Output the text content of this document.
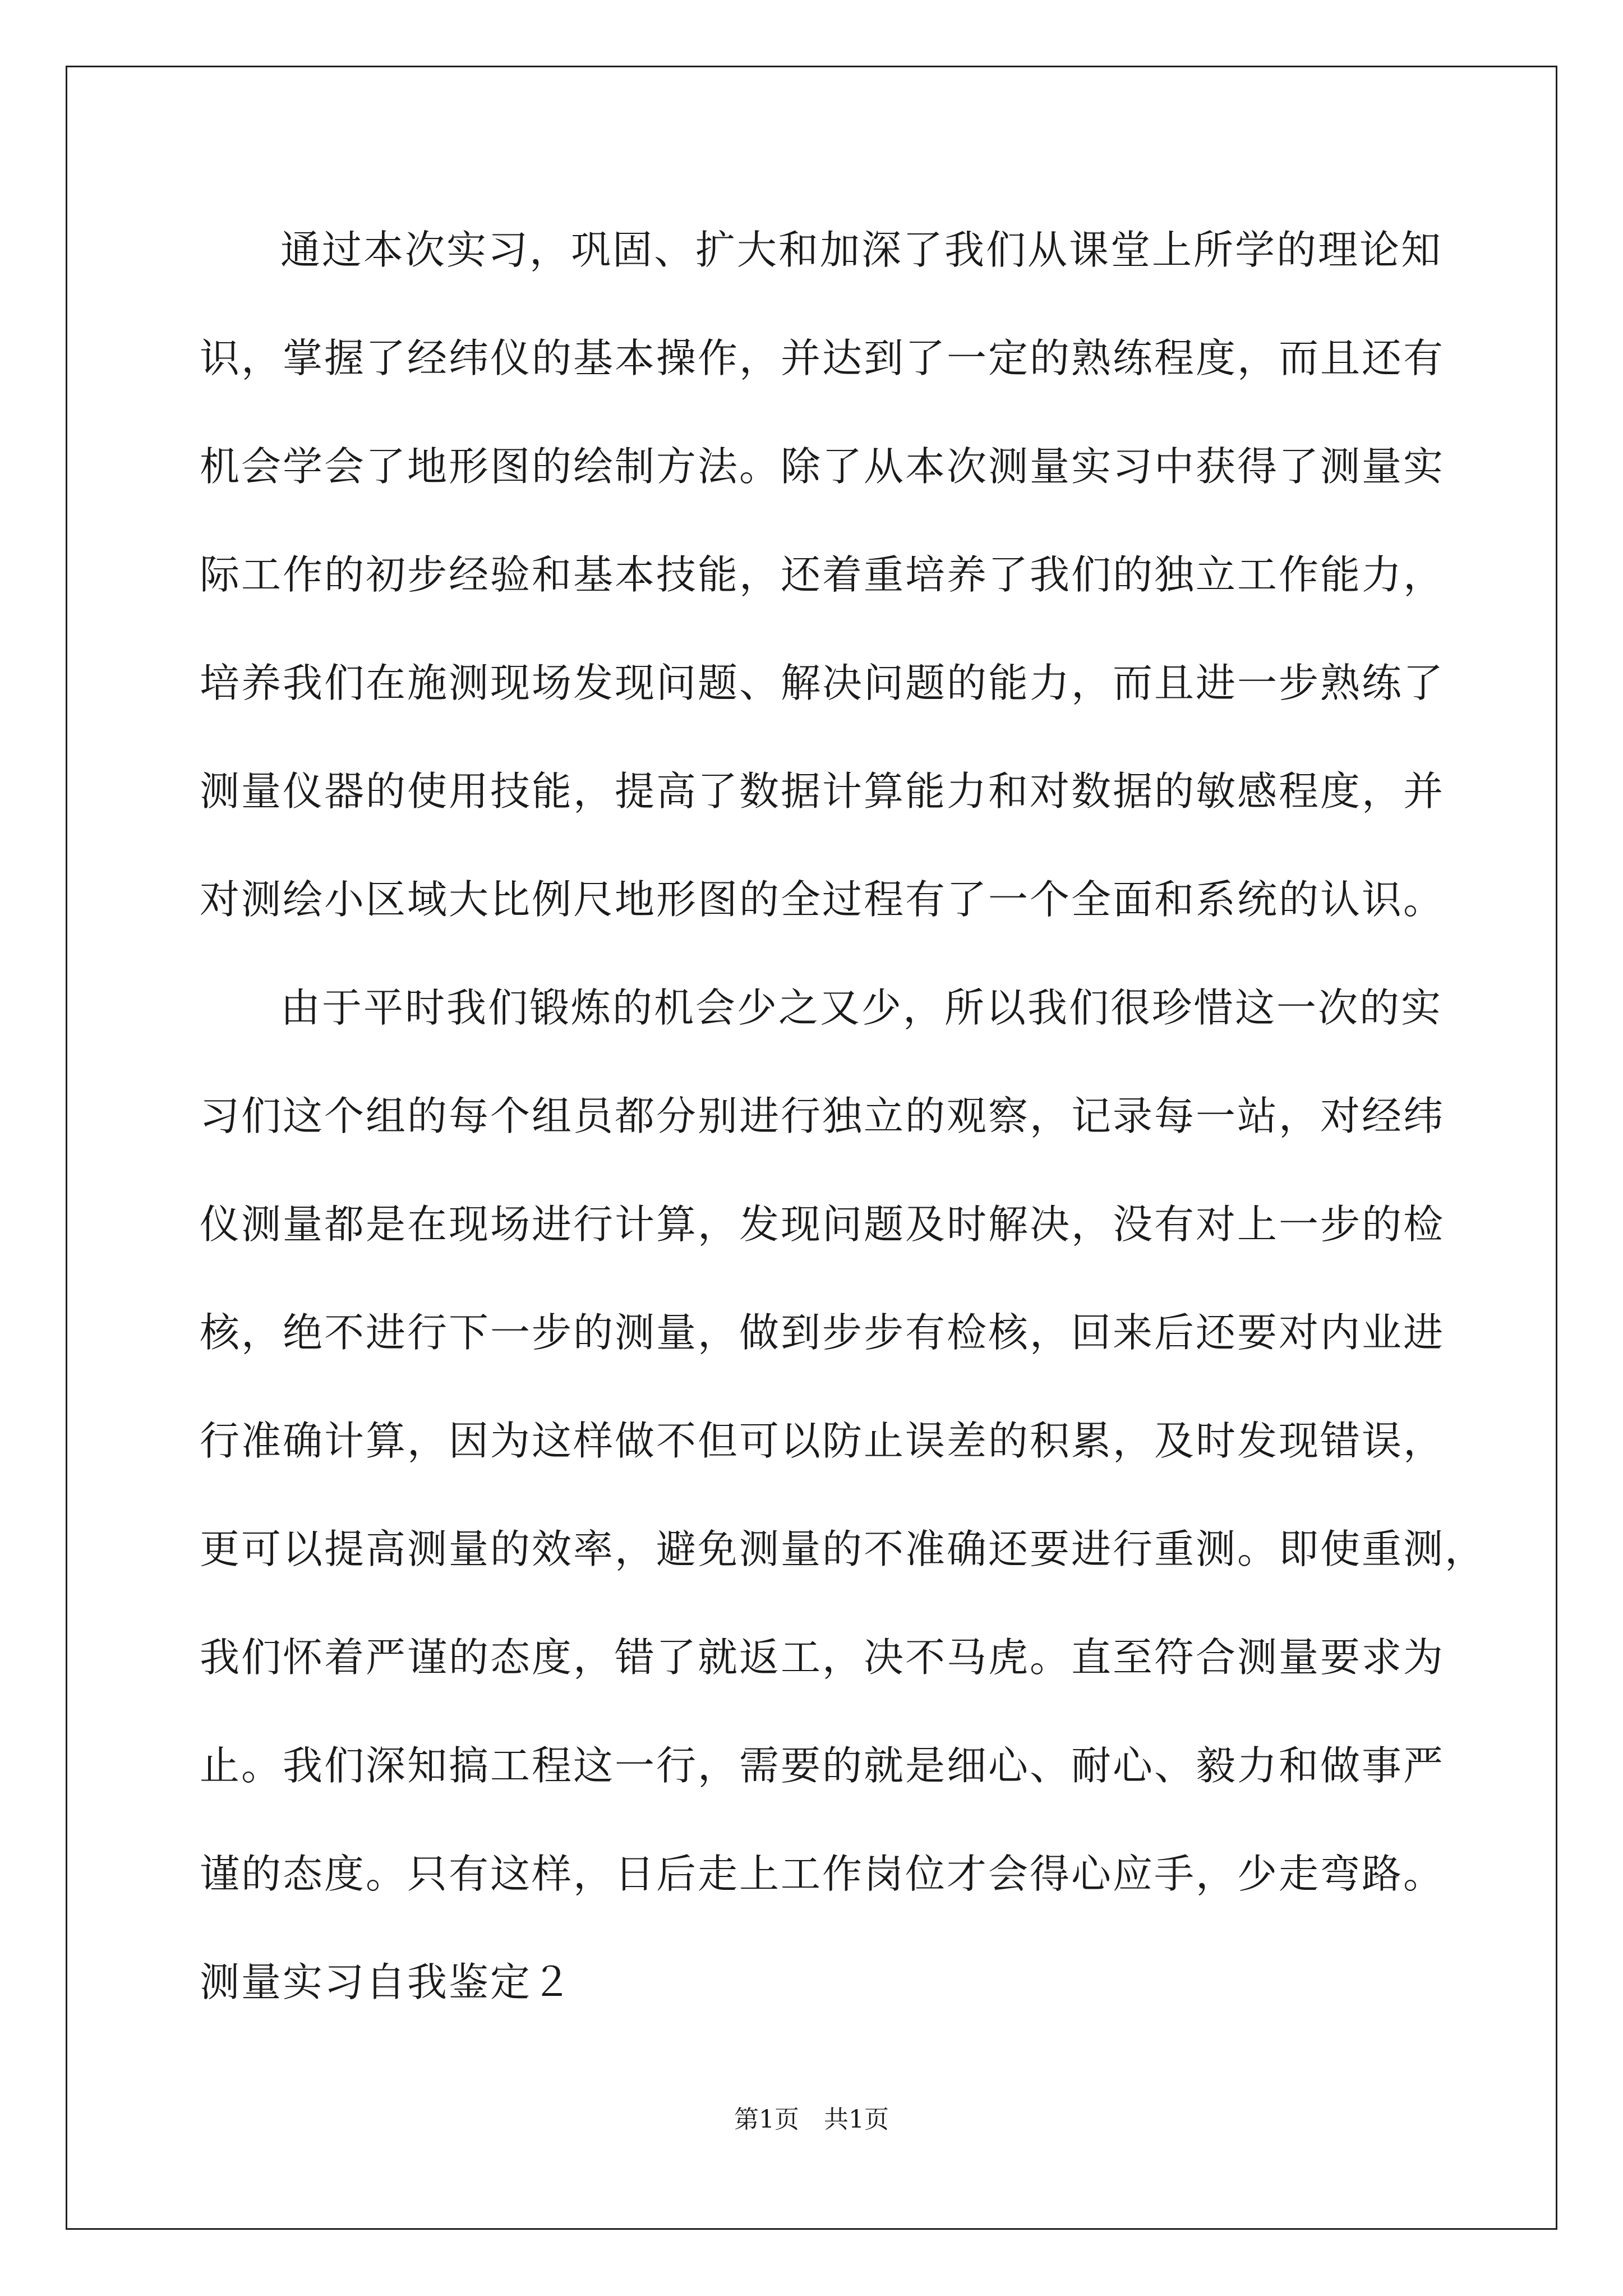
通过本次实习，巩固、扩大和加深了我们从课堂上所学的理论知
识，掌握了经纬仪的基本操作，并达到了一定的熟练程度，而且还有
机会学会了地形图的绘制方法。除了从本次测量实习中获得了测量实
际工作的初步经验和基本技能，还着重培养了我们的独立工作能力，
培养我们在施测现场发现问题、解决问题的能力，而且进一步熟练了
测量仪器的使用技能，提高了数据计算能力和对数据的敏感程度，并
对测绘小区域大比例尺地形图的全过程有了一个全面和系统的认识。
由于平时我们锻炼的机会少之又少，所以我们很珍惜这一次的实
习们这个组的每个组员都分别进行独立的观察，记录每一站，对经纬
仪测量都是在现场进行计算，发现问题及时解决，没有对上一步的检
核，绝不进行下一步的测量，做到步步有检核，回来后还要对内业进
行准确计算，因为这样做不但可以防止误差的积累，及时发现错误，
更可以提高测量的效率，避免测量的不准确还要进行重测。即使重测，
我们怀着严谨的态度，错了就返工，决不马虎。直至符合测量要求为
止。我们深知搞工程这一行，需要的就是细心、耐心、毅力和做事严
谨的态度。只有这样，日后走上工作岗位才会得心应手，少走弯路。
测量实习自我鉴定２
第1页　共1页
